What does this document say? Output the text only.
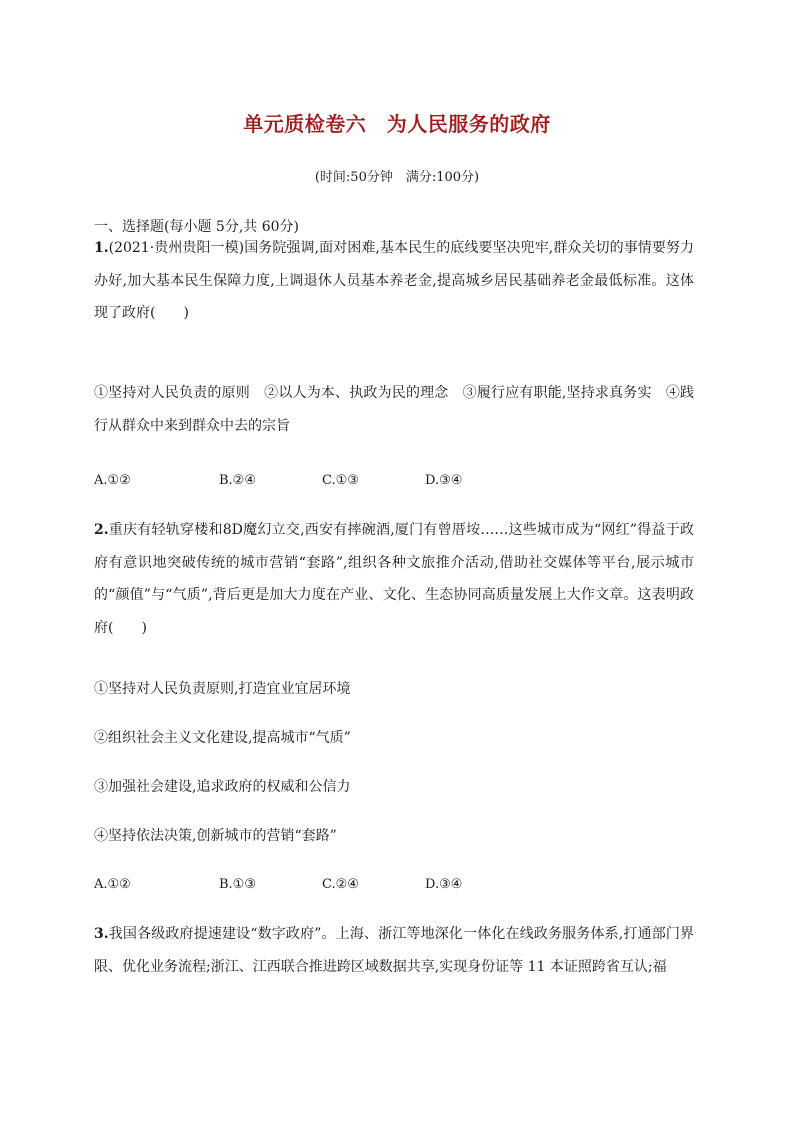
单元质检卷六　为人民服务的政府
(时间:50分钟　满分:100分)
一、选择题(每小题 5分,共 60分)
1.(2021·贵州贵阳一模)国务院强调,面对困难,基本民生的底线要坚决兜牢,群众关切的事情要努力办好,加大基本民生保障力度,上调退休人员基本养老金,提高城乡居民基础养老金最低标准。这体现了政府(　　)
①坚持对人民负责的原则　②以人为本、执政为民的理念　③履行应有职能,坚持求真务实　④践行从群众中来到群众中去的宗旨
A.①②	B.②④	C.①③	D.③④
2.重庆有轻轨穿楼和8D魔幻立交,西安有摔碗酒,厦门有曾厝垵……这些城市成为“网红”得益于政府有意识地突破传统的城市营销“套路”,组织各种文旅推介活动,借助社交媒体等平台,展示城市的“颜值”与“气质”,背后更是加大力度在产业、文化、生态协同高质量发展上大作文章。这表明政府(　　)
①坚持对人民负责原则,打造宜业宜居环境
②组织社会主义文化建设,提高城市“气质”
③加强社会建设,追求政府的权威和公信力
④坚持依法决策,创新城市的营销“套路”
A.①②	B.①③	C.②④	D.③④
3.我国各级政府提速建设“数字政府”。上海、浙江等地深化一体化在线政务服务体系,打通部门界限、优化业务流程;浙江、江西联合推进跨区域数据共享,实现身份证等 11 本证照跨省互认;福
